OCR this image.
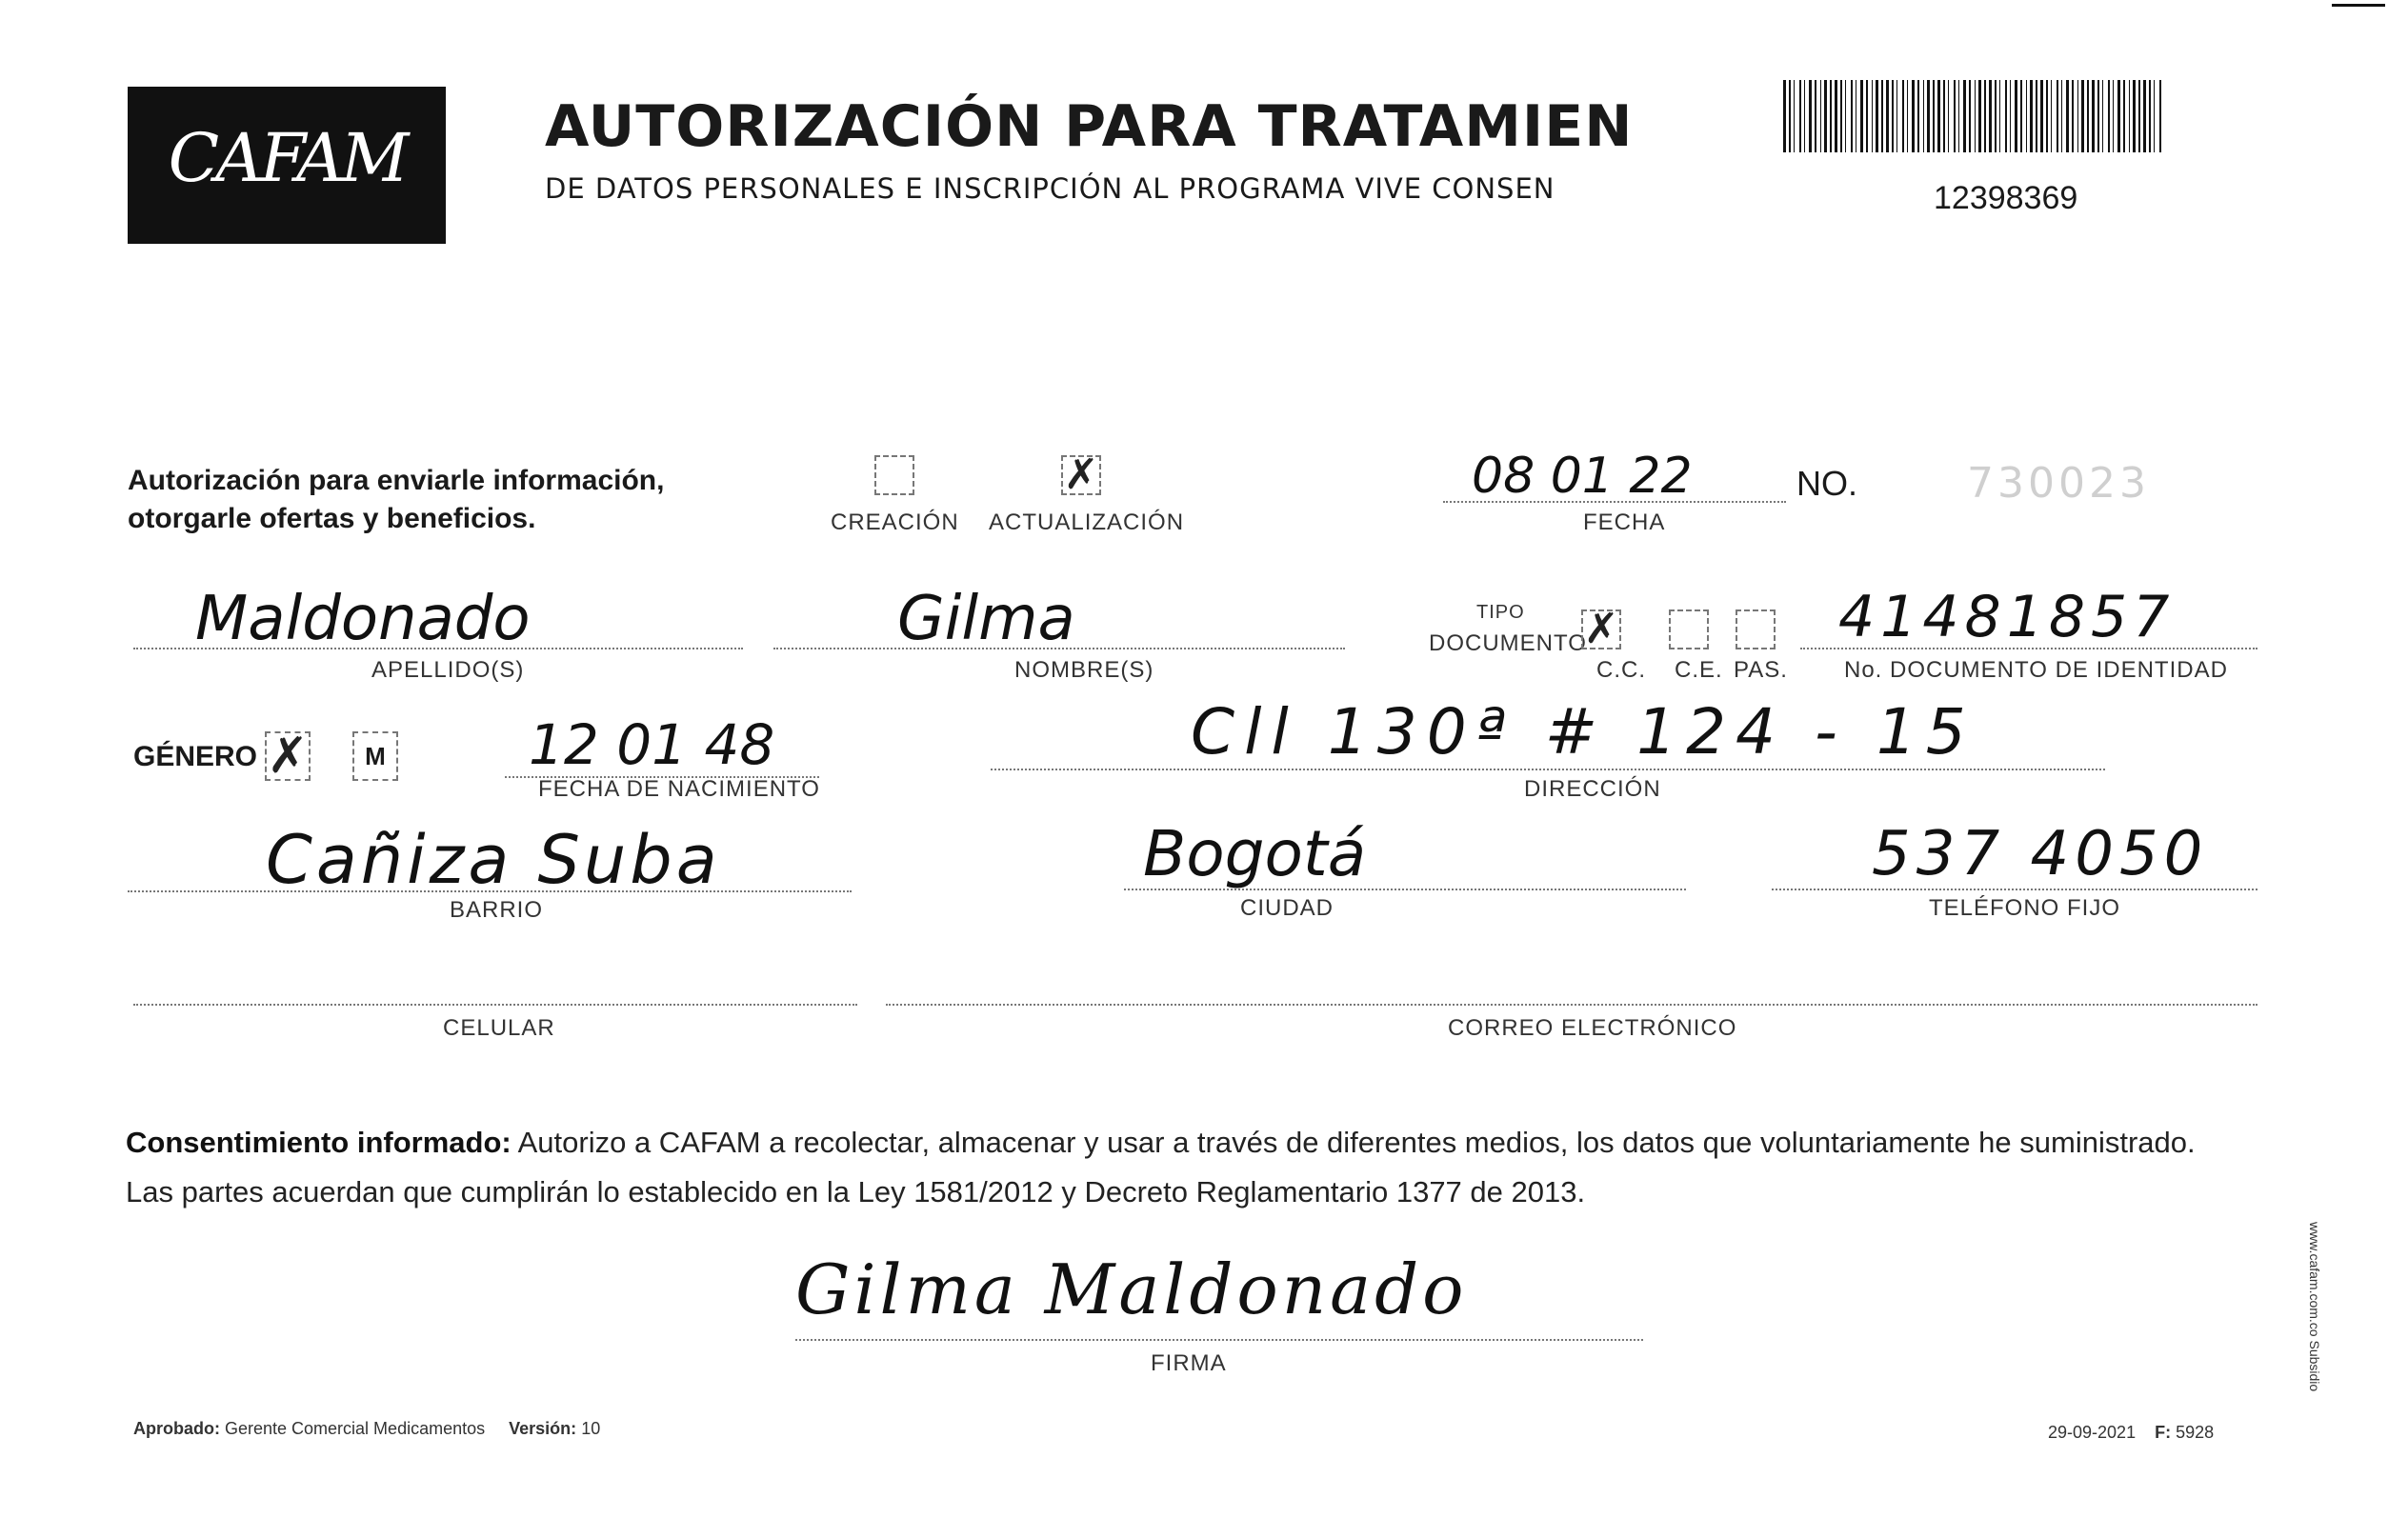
CAFAM	AUTORIZACIÓN PARA TRATAMIEN
DE DATOS PERSONALES E INSCRIPCIÓN AL PROGRAMA VIVE CONSEN	12398369
Autorización para enviarle información,
otorgarle ofertas y beneficios.	CREACIÓN
✗
ACTUALIZACIÓN
08 01 22
FECHA
NO.	730023
Maldonado
APELLIDO(S)
Gilma
NOMBRE(S)
TIPO
DOCUMENTO
✗
C.C. C.E. PAS.
41481857
No. DOCUMENTO DE IDENTIDAD
GÉNERO ✗	M	12 01 48
FECHA DE NACIMIENTO
Cll 130ª # 124 - 15
DIRECCIÓN
Cañiza Suba
BARRIO
Bogotá
CIUDAD
537 4050
TELÉFONO FIJO
CELULAR	CORREO ELECTRÓNICO
Consentimiento informado: Autorizo a CAFAM a recolectar, almacenar y usar a través de diferentes medios, los datos que voluntariamente he suministrado.
Las partes acuerdan que cumplirán lo establecido en la Ley 1581/2012 y Decreto Reglamentario 1377 de 2013.
Gilma Maldonado
FIRMA
Aprobado: Gerente Comercial Medicamentos Versión: 10	29-09-2021 F: 5928
www.cafam.com.co Subsidio
